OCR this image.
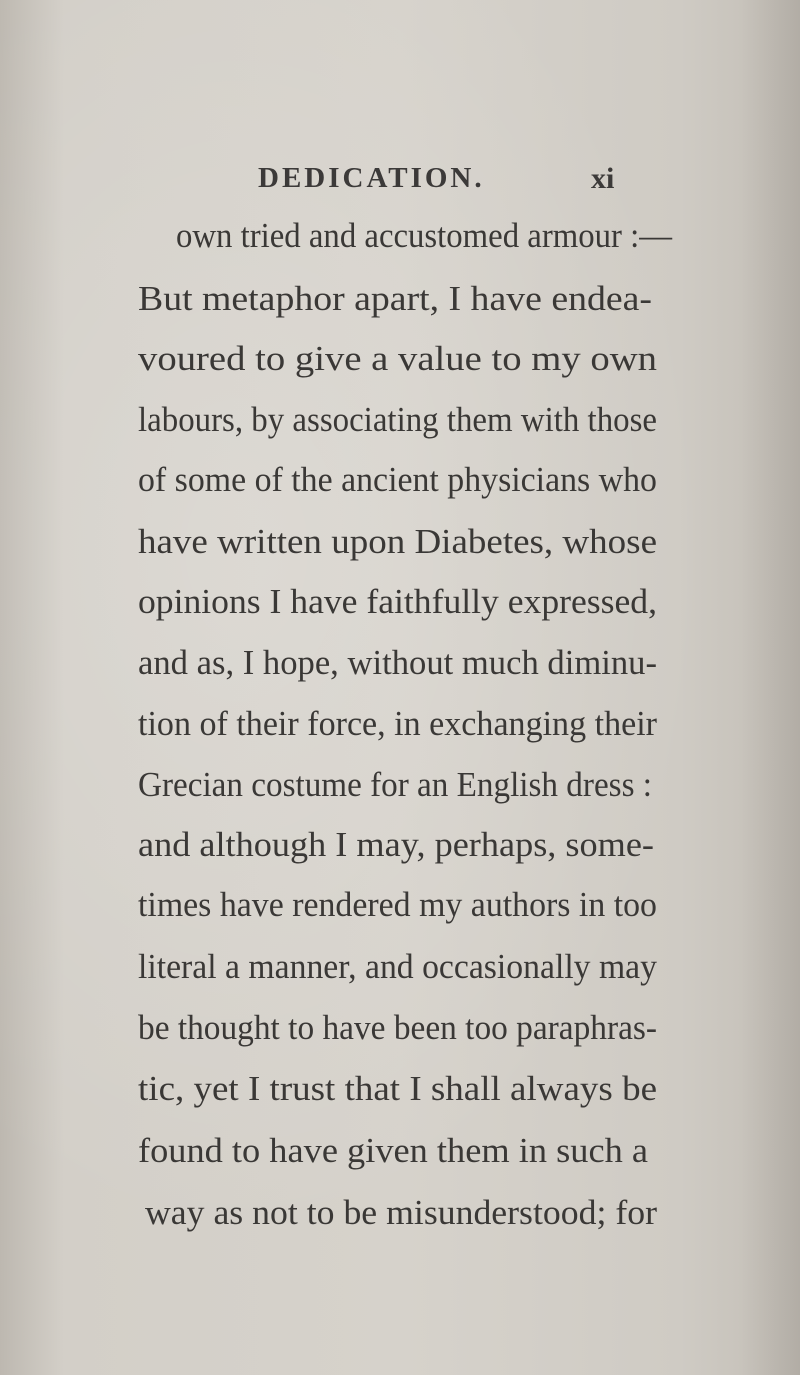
DEDICATION.	xi
own tried and accustomed armour :—
But metaphor apart, I have endea-
voured to give a value to my own
labours, by associating them with those
of some of the ancient physicians who
have written upon Diabetes, whose
opinions I have faithfully expressed,
and as, I hope, without much diminu-
tion of their force, in exchanging their
Grecian costume for an English dress :
and although I may, perhaps, some-
times have rendered my authors in too
literal a manner, and occasionally may
be thought to have been too paraphras-
tic, yet I trust that I shall always be
found to have given them in such a
way as not to be misunderstood; for
